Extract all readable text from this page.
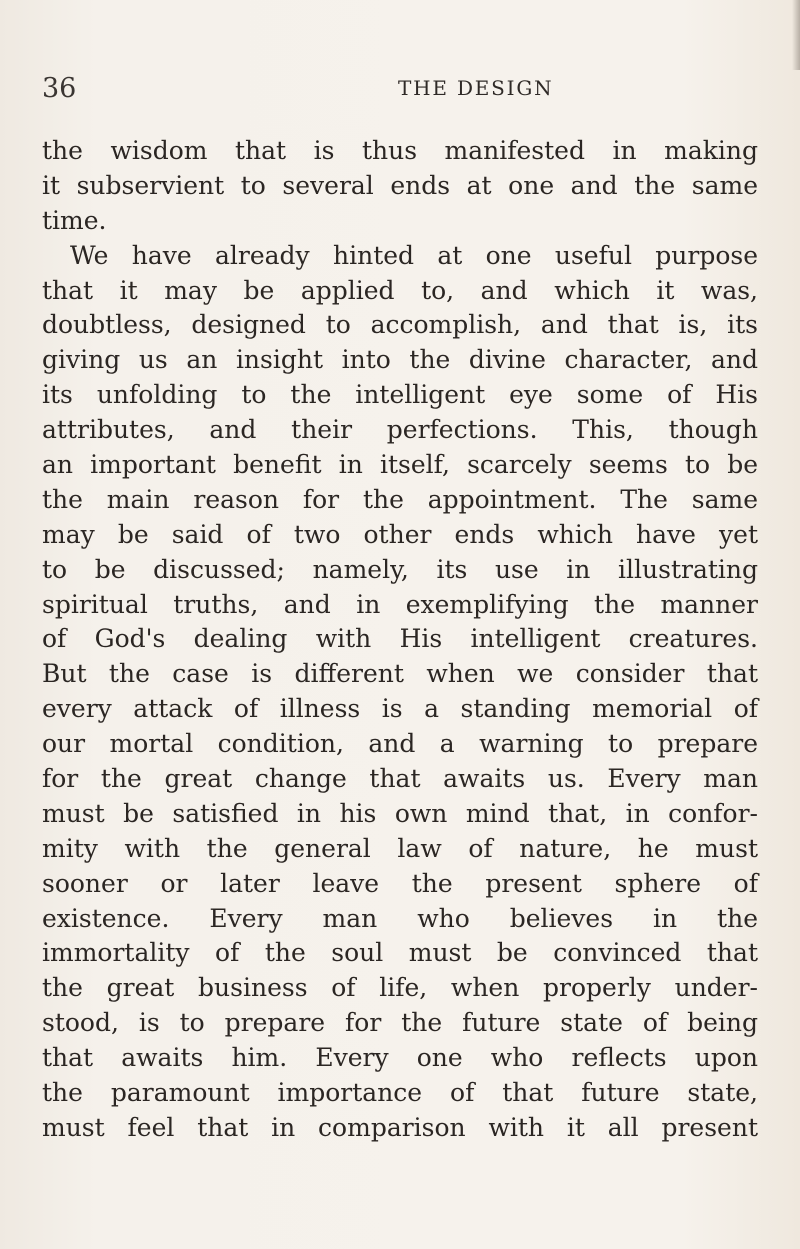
36	THE DESIGN
the wisdom that is thus manifested in making
it subservient to several ends at one and the same
time.
We have already hinted at one useful purpose
that it may be applied to, and which it was,
doubtless, designed to accomplish, and that is, its
giving us an insight into the divine character, and
its unfolding to the intelligent eye some of His
attributes, and their perfections. This, though
an important benefit in itself, scarcely seems to be
the main reason for the appointment. The same
may be said of two other ends which have yet
to be discussed; namely, its use in illustrating
spiritual truths, and in exemplifying the manner
of God's dealing with His intelligent creatures.
But the case is different when we consider that
every attack of illness is a standing memorial of
our mortal condition, and a warning to prepare
for the great change that awaits us. Every man
must be satisfied in his own mind that, in confor-
mity with the general law of nature, he must
sooner or later leave the present sphere of
existence. Every man who believes in the
immortality of the soul must be convinced that
the great business of life, when properly under-
stood, is to prepare for the future state of being
that awaits him. Every one who reflects upon
the paramount importance of that future state,
must feel that in comparison with it all present
